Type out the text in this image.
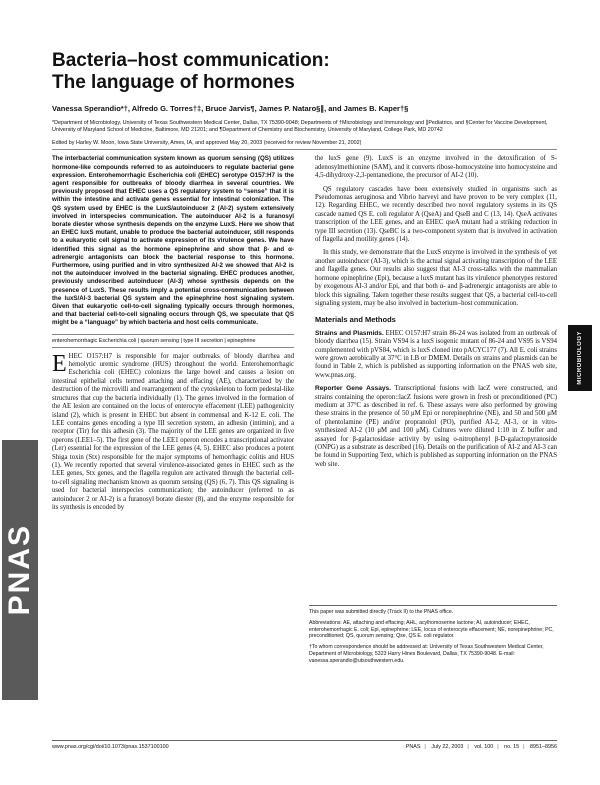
PNAS
MICROBIOLOGY
Bacteria–host communication:
The language of hormones
Vanessa Sperandio*†, Alfredo G. Torres†‡, Bruce Jarvis¶, James P. Nataro§∥, and James B. Kaper†§
*Department of Microbiology, University of Texas Southwestern Medical Center, Dallas, TX 75390-9048; Departments of †Microbiology and Immunology and ∥Pediatrics, and §Center for Vaccine Development, University of Maryland School of Medicine, Baltimore, MD 21201; and ¶Department of Chemistry and Biochemistry, University of Maryland, College Park, MD 20742
Edited by Harley W. Moon, Iowa State University, Ames, IA, and approved May 20, 2003 (received for review November 21, 2002)

The interbacterial communication system known as quorum sensing (QS) utilizes hormone-like compounds referred to as autoinducers to regulate bacterial gene expression. Enterohemorrhagic Escherichia coli (EHEC) serotype O157:H7 is the agent responsible for outbreaks of bloody diarrhea in several countries. We previously proposed that EHEC uses a QS regulatory system to “sense” that it is within the intestine and activate genes essential for intestinal colonization. The QS system used by EHEC is the LuxS/autoinducer 2 (AI-2) system extensively involved in interspecies communication. The autoinducer AI-2 is a furanosyl borate diester whose synthesis depends on the enzyme LuxS. Here we show that an EHEC luxS mutant, unable to produce the bacterial autoinducer, still responds to a eukaryotic cell signal to activate expression of its virulence genes. We have identified this signal as the hormone epinephrine and show that β- and α-adrenergic antagonists can block the bacterial response to this hormone. Furthermore, using purified and in vitro synthesized AI-2 we showed that AI-2 is not the autoinducer involved in the bacterial signaling. EHEC produces another, previously undescribed autoinducer (AI-3) whose synthesis depends on the presence of LuxS. These results imply a potential cross-communication between the luxS/AI-3 bacterial QS system and the epinephrine host signaling system. Given that eukaryotic cell-to-cell signaling typically occurs through hormones, and that bacterial cell-to-cell signaling occurs through QS, we speculate that QS might be a “language” by which bacteria and host cells communicate.

enterohemorrhagic Escherichia coli | quorum sensing | type III secretion | epinephrine

EHEC O157:H7 is responsible for major outbreaks of bloody diarrhea and hemolytic uremic syndrome (HUS) throughout the world. Enterohemorrhagic Escherichia coli (EHEC) colonizes the large bowel and causes a lesion on intestinal epithelial cells termed attaching and effacing (AE), characterized by the destruction of the microvilli and rearrangement of the cytoskeleton to form pedestal-like structures that cup the bacteria individually (1). The genes involved in the formation of the AE lesion are contained on the locus of enterocyte effacement (LEE) pathogenicity island (2), which is present in EHEC but absent in commensal and K-12 E. coli. The LEE contains genes encoding a type III secretion system, an adhesin (intimin), and a receptor (Tir) for this adhesin (3). The majority of the LEE genes are organized in five operons (LEE1–5). The first gene of the LEE1 operon encodes a transcriptional activator (Ler) essential for the expression of the LEE genes (4, 5). EHEC also produces a potent Shiga toxin (Stx) responsible for the major symptoms of hemorrhagic colitis and HUS (1). We recently reported that several virulence-associated genes in EHEC such as the LEE genes, Stx genes, and the flagella regulon are activated through the bacterial cell-to-cell signaling mechanism known as quorum sensing (QS) (6, 7). This QS signaling is used for bacterial interspecies communication; the autoinducer (referred to as autoinducer 2 or AI-2) is a furanosyl borate diester (8), and the enzyme responsible for its synthesis is encoded by

the luxS gene (9). LuxS is an enzyme involved in the detoxification of S-adenosylmethionine (SAM), and it converts ribose-homocysteine into homocysteine and 4,5-dihydroxy-2,3-pentanedione, the precursor of AI-2 (10).

QS regulatory cascades have been extensively studied in organisms such as Pseudomonas aeruginosa and Vibrio harveyi and have proven to be very complex (11, 12). Regarding EHEC, we recently described two novel regulatory systems in its QS cascade named QS E. coli regulator A (QseA) and QseB and C (13, 14). QseA activates transcription of the LEE genes, and an EHEC qseA mutant had a striking reduction in type III secretion (13). QseBC is a two-component system that is involved in activation of flagella and motility genes (14).

In this study, we demonstrate that the LuxS enzyme is involved in the synthesis of yet another autoinducer (AI-3), which is the actual signal activating transcription of the LEE and flagella genes. Our results also suggest that AI-3 cross-talks with the mammalian hormone epinephrine (Epi), because a luxS mutant has its virulence phenotypes restored by exogenous AI-3 and/or Epi, and that both α- and β-adrenergic antagonists are able to block this signaling. Taken together these results suggest that QS, a bacterial cell-to-cell signaling system, may be also involved in bacterium–host communication.

Materials and Methods

Strains and Plasmids. EHEC O157:H7 strain 86-24 was isolated from an outbreak of bloody diarrhea (15). Strain VS94 is a luxS isogenic mutant of 86-24 and VS95 is VS94 complemented with pVS84, which is luxS cloned into pACYC177 (7). All E. coli strains were grown aerobically at 37°C in LB or DMEM. Details on strains and plasmids can be found in Table 2, which is published as supporting information on the PNAS web site, www.pnas.org.

Reporter Gene Assays. Transcriptional fusions with lacZ were constructed, and strains containing the operon::lacZ fusions were grown in fresh or preconditioned (PC) medium at 37°C as described in ref. 6. These assays were also performed by growing these strains in the presence of 50 μM Epi or norepinephrine (NE), and 50 and 500 μM of phentolamine (PE) and/or propranolol (PO), purified AI-2, AI-3, or in vitro-synthesized AI-2 (10 μM and 100 μM). Cultures were diluted 1:10 in Z buffer and assayed for β-galactosidase activity by using o-nitrophenyl β-D-galactopyranoside (ONPG) as a substrate as described (16). Details on the purification of AI-2 and AI-3 can be found in Supporting Text, which is published as supporting information on the PNAS web site.

This paper was submitted directly (Track II) to the PNAS office.

Abbreviations: AE, attaching and effacing; AHL, acylhomoserine lactone; AI, autoinducer; EHEC, enterohemorrhagic E. coli; Epi, epinephrine; LEE, locus of enterocyte effacement; NE, norepinephrine; PC, preconditioned; QS, quorum sensing; Qse, QS E. coli regulator.

†To whom correspondence should be addressed at: University of Texas Southwestern Medical Center, Department of Microbiology, 5323 Harry Hines Boulevard, Dallas, TX 75390-9048. E-mail: vanessa.sperandio@utsouthwestern.edu.

www.pnas.org/cgi/doi/10.1073/pnas.1537100100	PNAS | July 22, 2003 | vol. 100 | no. 15 | 8951–8956
